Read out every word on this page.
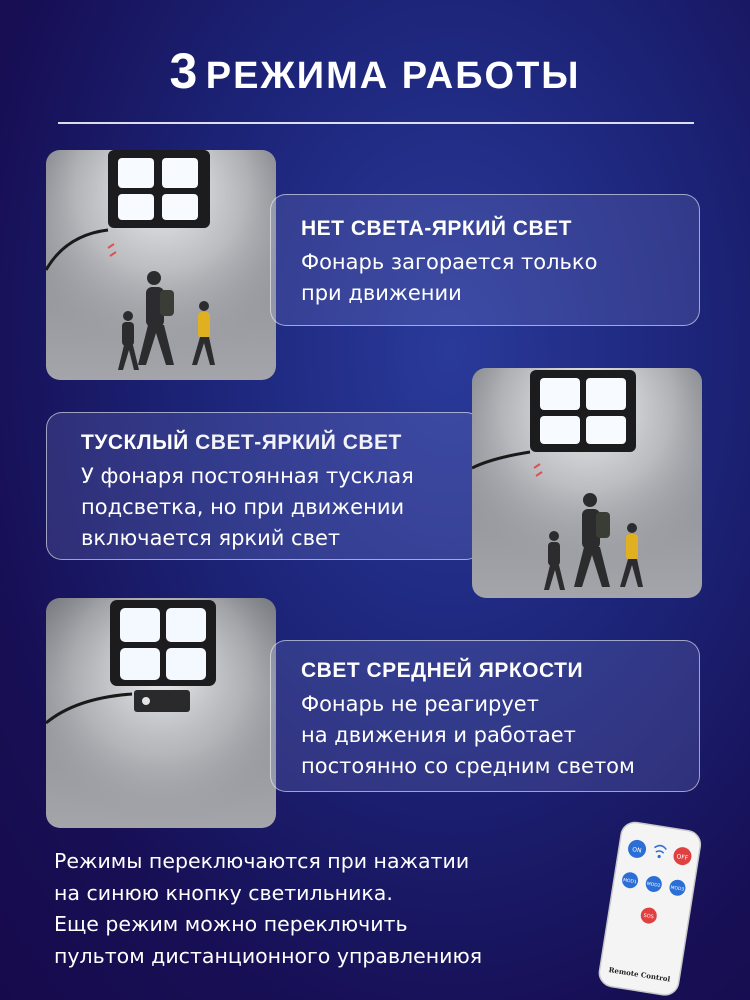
3 РЕЖИМА РАБОТЫ
НЕТ СВЕТА-ЯРКИЙ СВЕТ
Фонарь загорается только
при движении
ТУСКЛЫЙ СВЕТ-ЯРКИЙ СВЕТ
У фонаря постоянная тусклая
подсветка, но при движении
включается яркий свет
СВЕТ СРЕДНЕЙ ЯРКОСТИ
Фонарь не реагирует
на движения и работает
постоянно со средним светом
Режимы переключаются при нажатии
на синюю кнопку светильника.
Еще режим можно переключить
пультом дистанционного управлениюя
ON
OFF
MOD1
MOD2
MOD3
SOS
Remote Control
